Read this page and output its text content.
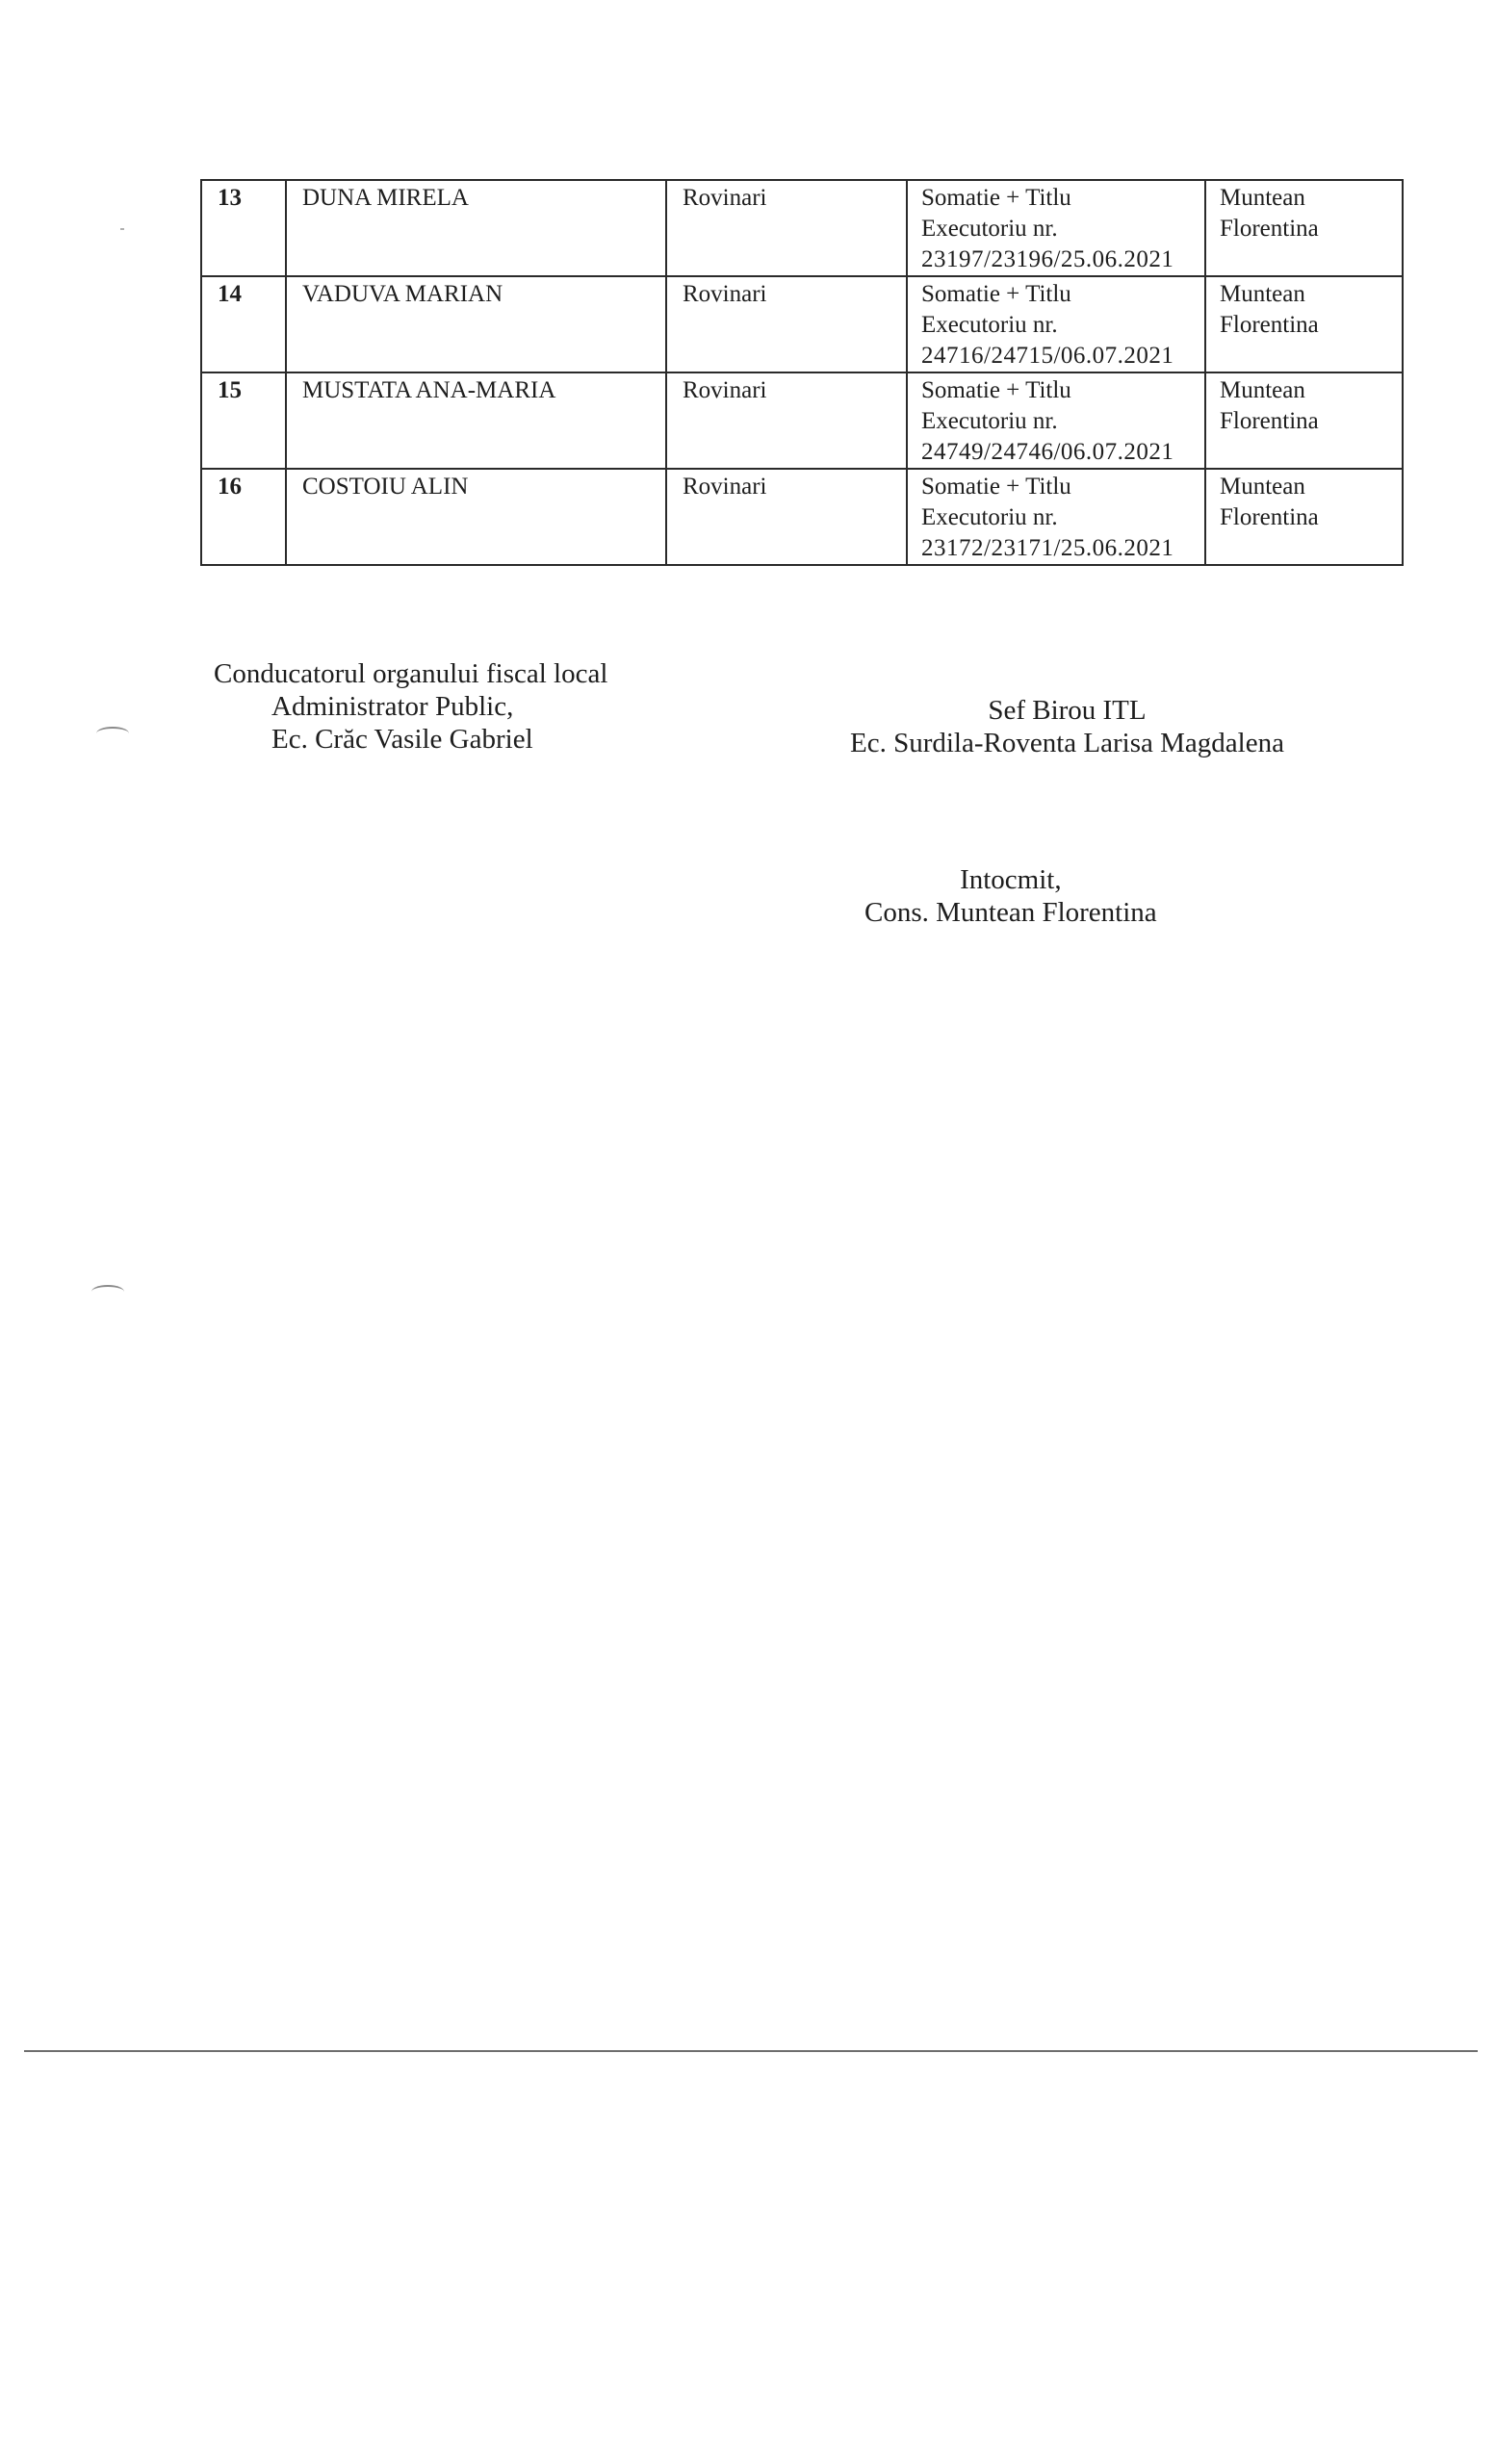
13	DUNA MIRELA	Rovinari	Somatie + Titlu
Executoriu nr.
23197/23196/25.06.2021	Muntean
Florentina

14	VADUVA MARIAN	Rovinari	Somatie + Titlu
Executoriu nr.
24716/24715/06.07.2021	Muntean
Florentina

15	MUSTATA ANA-MARIA	Rovinari	Somatie + Titlu
Executoriu nr.
24749/24746/06.07.2021	Muntean
Florentina

16	COSTOIU ALIN	Rovinari	Somatie + Titlu
Executoriu nr.
23172/23171/25.06.2021	Muntean
Florentina
Conducatorul organului fiscal local
Administrator Public,
Ec. Crăc Vasile Gabriel
Sef Birou ITL
Ec. Surdila-Roventa Larisa Magdalena
Intocmit,
Cons. Muntean Florentina
